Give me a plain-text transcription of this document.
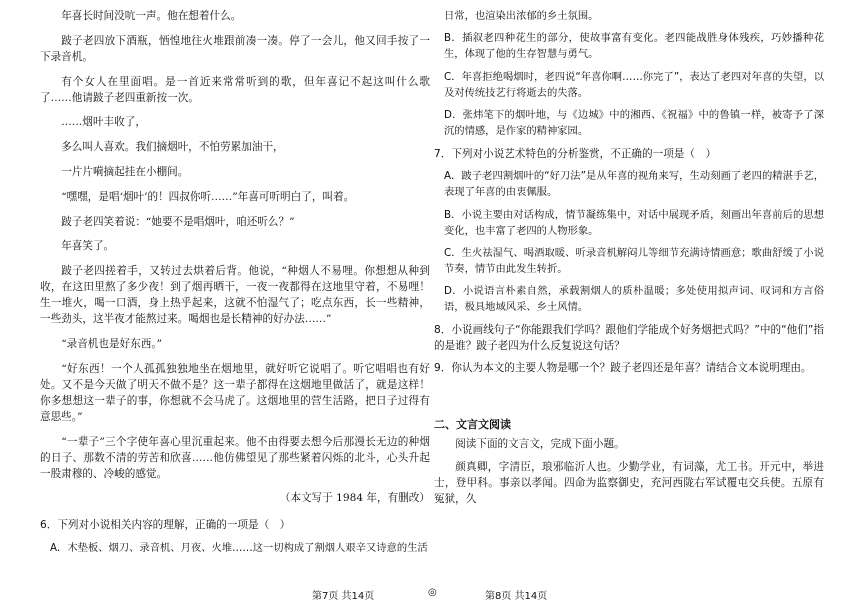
年喜长时间没吭一声。他在想着什么。

跛子老四放下酒瓶，恓惶地往火堆跟前凑一凑。停了一会儿，他又回手按了一下录音机。

有个女人在里面唱。是一首近来常常听到的歌，但年喜记不起这叫什么歌了……他请跛子老四重新按一次。

……烟叶丰收了，

多么叫人喜欢。我们摘烟叶，不怕劳累加油干，

一片片嗬摘起挂在小棚间。

“嘿嘿，是唱‘烟叶’的！四叔你听……”年喜可听明白了，叫着。

跛子老四笑着说：“她要不是唱烟叶，咱还听么？”

年喜笑了。

跛子老四搓着手，又转过去烘着后背。他说，“种烟人不易哩。你想想从种到收，在这田里熬了多少夜！到了烟再晒干，一夜一夜都得在这地里守着，不易哩！生一堆火，喝一口酒，身上热乎起来，这就不怕湿气了；吃点东西，长一些精神，一些劲头，这半夜才能熬过来。喝烟也是长精神的好办法……”

“录音机也是好东西。”

“好东西！一个人孤孤独独地坐在烟地里，就好听它说唱了。听它唱唱也有好处。又不是今天做了明天不做不是？这一辈子都得在这烟地里做活了，就是这样！你多想想这一辈子的事，你想就不会马虎了。这烟地里的营生活路，把日子过得有意思些。”

“一辈子”三个字使年喜心里沉重起来。他不由得要去想今后那漫长无边的种烟的日子、那数不清的劳苦和欣喜……他仿佛望见了那些紧着闪烁的北斗，心头升起一股肃穆的、冷峻的感觉。

（本文写于 1984 年，有删改）

6．下列对小说相关内容的理解，正确的一项是（　）

A．木垫板、烟刀、录音机、月夜、火堆……这一切构成了割烟人艰辛又诗意的生活

日常，也渲染出浓郁的乡土氛围。

B．插叙老四种花生的部分，使故事富有变化。老四能战胜身体残疾，巧妙播种花生，体现了他的生存智慧与勇气。

C．年喜拒绝喝烟时，老四说“年喜你啊……你完了”，表达了老四对年喜的失望，以及对传统技艺行将逝去的失落。

D．张炜笔下的烟叶地，与《边城》中的湘西、《祝福》中的鲁镇一样，被寄予了深沉的情感，是作家的精神家园。

7．下列对小说艺术特色的分析鉴赏，不正确的一项是（　）

A．跛子老四割烟叶的“好刀法”是从年喜的视角来写，生动刻画了老四的精湛手艺，表现了年喜的由衷佩服。

B．小说主要由对话构成，情节凝练集中，对话中展现矛盾，刻画出年喜前后的思想变化，也丰富了老四的人物形象。

C．生火祛湿气、喝酒取暖、听录音机解闷儿等细节充满诗情画意；歌曲舒缓了小说节奏，情节由此发生转折。

D．小说语言朴素自然，承载割烟人的质朴温暖；多处使用拟声词、叹词和方言俗语，极具地域风采、乡土风情。

8．小说画线句子“你能跟我们学吗？跟他们学能成个好务烟把式吗？”中的“他们”指的是谁？跛子老四为什么反复说这句话？

9．你认为本文的主要人物是哪一个？跛子老四还是年喜？请结合文本说明理由。

二、文言文阅读

阅读下面的文言文，完成下面小题。

颜真卿，字清臣，琅邪临沂人也。少勤学业，有词藻，尤工书。开元中，举进士，登甲科。事亲以孝闻。四命为监察御史，充河西陇右军试覆屯交兵使。五原有冤狱，久

第7页 共14页	◎	第8页 共14页
